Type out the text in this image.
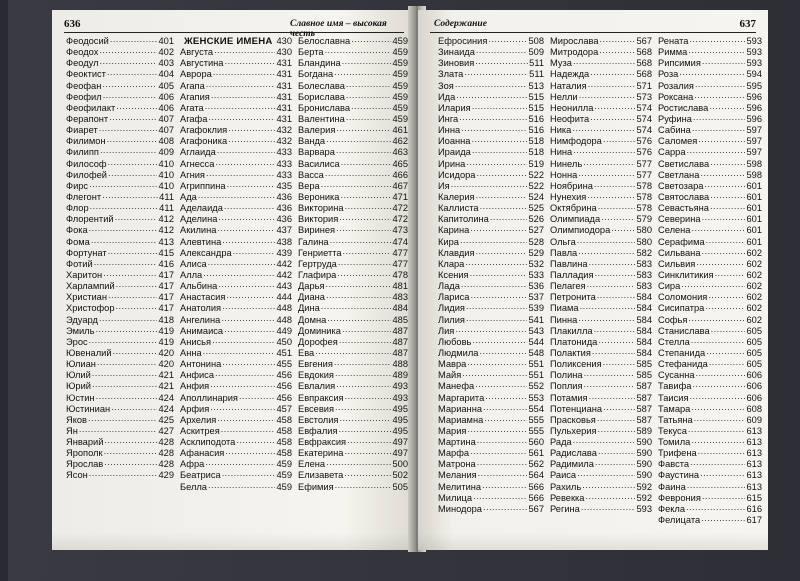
636	Славное имя – высокая честь
Феодосий .....	401
Феодох .....	402
Феодул .....	403
Феоктист .....	404
Феофан .....	405
Феофил .....	406
Феофилакт .....	406
Ферапонт .....	407
Фиарет .....	407
Филимон .....	408
Филипп .....	409
Философ .....	410
Филофей .....	410
Фирс .....	410
Флегонт .....	411
Флор .....	411
Флорентий .....	412
Фока .....	412
Фома .....	413
Фортунат .....	415
Фотий .....	416
Харитон .....	417
Харлампий .....	417
Христиан .....	417
Христофор .....	417
Эдуард .....	418
Эмиль .....	419
Эрос .....	419
Ювеналий .....	420
Юлиан .....	420
Юлий .....	421
Юрий .....	421
Юстин .....	424
Юстиниан .....	424
Яков .....	425
Ян .....	427
Январий .....	428
Ярополк .....	428
Ярослав .....	428
Ясон .....	429
ЖЕНСКИЕ ИМЕНА 430
Августа .....	430
Августина .....	431
Аврора .....	431
Агапа .....	431
Агапия .....	431
Агата .....	431
Агафа .....	431
Агафоклия .....	432
Агафоника .....	432
Аглаида .....	433
Агнесса .....	433
Агния .....	433
Агриппина .....	435
Ада .....	436
Аделаида .....	436
Аделина .....	436
Акилина .....	437
Алевтина .....	438
Александра .....	439
Алиса .....	442
Алла .....	442
Альбина .....	443
Анастасия .....	444
Анатолия .....	448
Ангелина .....	448
Анимаиса .....	449
Анисья .....	450
Анна .....	451
Антонина .....	455
Анфиса .....	456
Анфия .....	456
Аполлинария .....	456
Арфия .....	457
Архелия .....	458
Аскитрея .....	458
Асклиподота .....	458
Афанасия .....	458
Афра .....	459
Беатриса .....	459
Белла .....	459
Белославна .....	459
Берта .....	459
Бландина .....	459
Богдана .....	459
Болеслава .....	459
Борислава .....	459
Бронислава .....	459
Валентина .....	459
Валерия .....	461
Ванда .....	462
Варвара .....	463
Василиса .....	465
Васса .....	466
Вера .....	467
Вероника .....	471
Викторина .....	472
Виктория .....	472
Виринея .....	473
Галина .....	474
Генриетта .....	477
Гертруда .....	477
Глафира .....	478
Дарья .....	481
Диана .....	483
Дина .....	484
Домна .....	485
Доминика .....	487
Дорофея .....	487
Ева .....	487
Евгения .....	488
Евдокия .....	489
Евлалия .....	493
Евпраксия .....	493
Евсевия .....	495
Евстолия .....	495
Евфалия .....	495
Евфраксия .....	497
Екатерина .....	497
Елена .....	500
Елизавета .....	502
Ефимия .....	505
Содержание	637
Ефросиния .....	508
Зинаида .....	509
Зиновия .....	511
Злата .....	511
Зоя .....	513
Ида .....	515
Илария .....	515
Инга .....	516
Инна .....	516
Иоанна .....	518
Ираида .....	518
Ирина .....	519
Исидора .....	522
Ия .....	522
Калерия .....	524
Каллиста .....	525
Капитолина .....	526
Карина .....	527
Кира .....	528
Клавдия .....	529
Клара .....	532
Ксения .....	533
Лада .....	536
Лариса .....	537
Лидия .....	539
Лилия .....	541
Лия .....	543
Любовь .....	544
Людмила .....	548
Мавра .....	551
Майя .....	551
Манефа .....	552
Маргарита .....	553
Марианна .....	554
Мариамна .....	555
Мария .....	555
Мартина .....	560
Марфа .....	561
Матрона .....	562
Мелания .....	564
Мелитина .....	566
Милица .....	566
Минодора .....	567
Мирослава .....	567
Митродора .....	568
Муза .....	568
Надежда .....	568
Наталия .....	571
Нелли .....	573
Неонилла .....	574
Неофита .....	574
Ника .....	574
Нимфодора .....	576
Нина .....	576
Нинель .....	577
Нонна .....	577
Ноябрина .....	578
Нунехия .....	578
Октябрина .....	578
Олимпиада .....	579
Олимпиодора .....	580
Ольга .....	580
Павла .....	582
Павлина .....	583
Палладия .....	583
Пелагея .....	583
Петронита .....	584
Пиама .....	584
Пинна .....	584
Плакилла .....	584
Платонида .....	584
Полактия .....	584
Поликсения .....	585
Полина .....	585
Поплия .....	587
Потамия .....	587
Потенциана .....	587
Прасковья .....	587
Пульхерия .....	589
Рада .....	590
Радислава .....	590
Радимила .....	590
Раиса .....	590
Рахиль .....	592
Ревекка .....	592
Регина .....	593
Рената .....	593
Римма .....	593
Рипсимия .....	593
Роза .....	594
Розалия .....	595
Роксана .....	596
Ростислава .....	596
Руфина .....	596
Сабина .....	597
Саломея .....	597
Сарра .....	597
Светислава .....	598
Светлана .....	598
Светозара .....	601
Святослава .....	601
Севастьяна .....	601
Северина .....	601
Селена .....	601
Серафима .....	601
Сильвана .....	602
Сильвия .....	602
Синклитикия .....	602
Сира .....	602
Соломония .....	602
Сисипатра .....	602
Софья .....	602
Станислава .....	605
Стелла .....	605
Степанида .....	605
Стефанида .....	605
Сусанна .....	606
Тавифа .....	606
Таисия .....	606
Тамара .....	608
Татьяна .....	609
Текуса .....	613
Томила .....	613
Трифена .....	613
Фавста .....	613
Фаустина .....	613
Фаина .....	613
Феврония .....	615
Фекла .....	616
Фелицата .....	617
